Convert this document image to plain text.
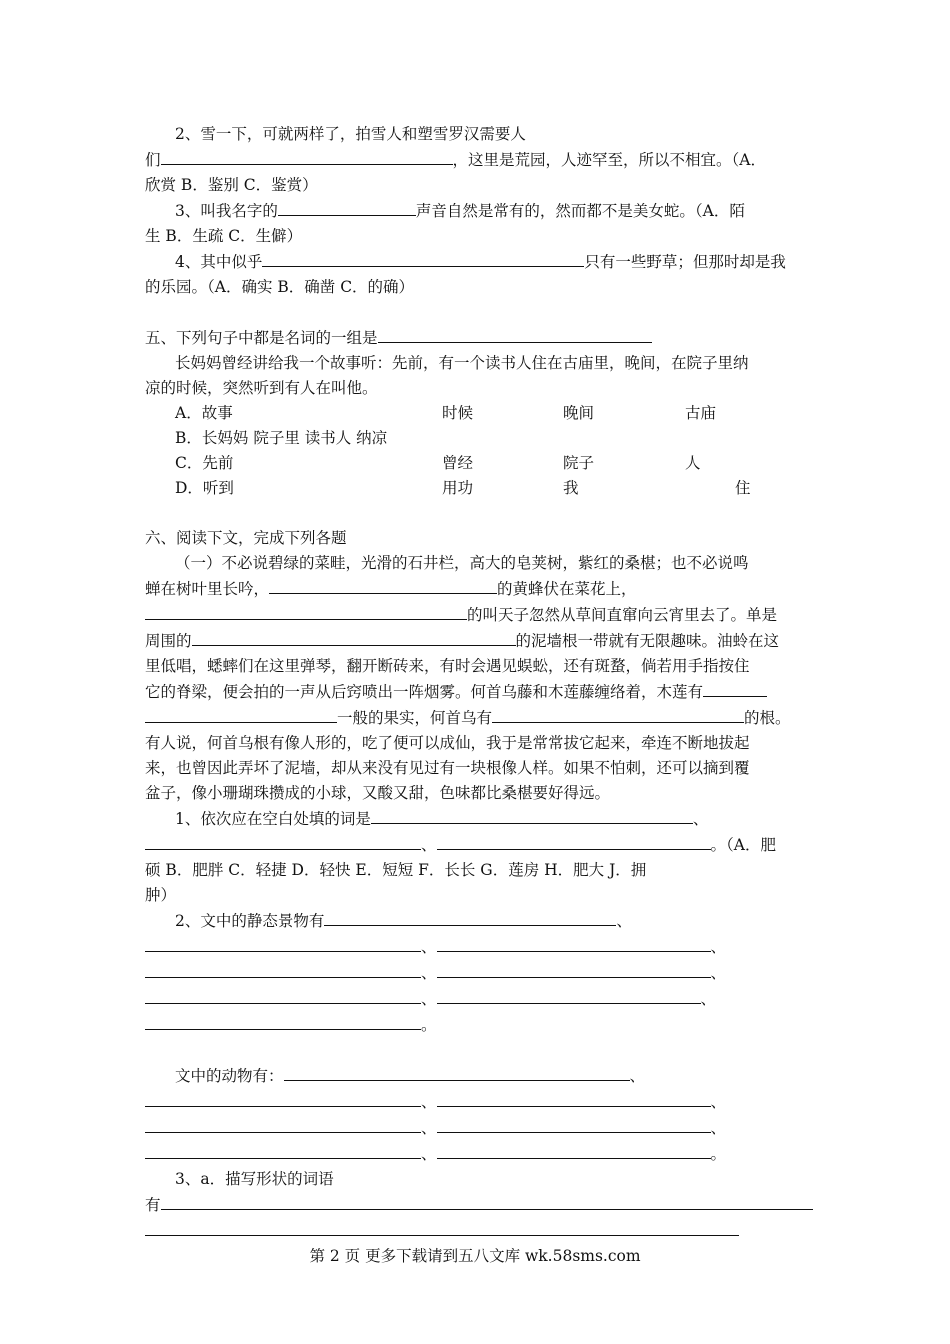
2、雪一下，可就两样了，拍雪人和塑雪罗汉需要人
们	，这里是荒园，人迹罕至，所以不相宜。（A．
欣赏 B．鉴别 C．鉴赏）
3、叫我名字的	声音自然是常有的，然而都不是美女蛇。（A．陌
生 B．生疏 C．生僻）
4、其中似乎	只有一些野草；但那时却是我
的乐园。（A．确实 B．确凿 C．的确）
五、下列句子中都是名词的一组是
长妈妈曾经讲给我一个故事听：先前，有一个读书人住在古庙里，晚间，在院子里纳
凉的时候，突然听到有人在叫他。
A．故事	时候	晚间	古庙
B．长妈妈 院子里 读书人 纳凉
C．先前	曾经	院子	人
D．听到	用功	我	住
六、阅读下文，完成下列各题
（一）不必说碧绿的菜畦，光滑的石井栏，高大的皂荚树，紫红的桑椹；也不必说鸣
蝉在树叶里长吟，	的黄蜂伏在菜花上，
的叫天子忽然从草间直窜向云宵里去了。单是
周围的	的泥墙根一带就有无限趣味。油蛉在这
里低唱，蟋蟀们在这里弹琴，翻开断砖来，有时会遇见蜈蚣，还有斑蝥，倘若用手指按住
它的脊梁，便会拍的一声从后窍喷出一阵烟雾。何首乌藤和木莲藤缠络着，木莲有
一般的果实，何首乌有	的根。
有人说，何首乌根有像人形的，吃了便可以成仙，我于是常常拔它起来，牵连不断地拔起
来，也曾因此弄坏了泥墙，却从来没有见过有一块根像人样。如果不怕刺，还可以摘到覆
盆子，像小珊瑚珠攒成的小球，又酸又甜，色味都比桑椹要好得远。
1、依次应在空白处填的词是	、
、	。（A．肥
硕 B．肥胖 C．轻捷 D．轻快 E．短短 F．长长 G．莲房 H．肥大 J．拥
肿）
2、文中的静态景物有	、
、	、
、	、
、	、
。
文中的动物有：	、
、	、
、	、
、	。
3、a．描写形状的词语
有
第 2 页 更多下载请到五八文库 wk.58sms.com
